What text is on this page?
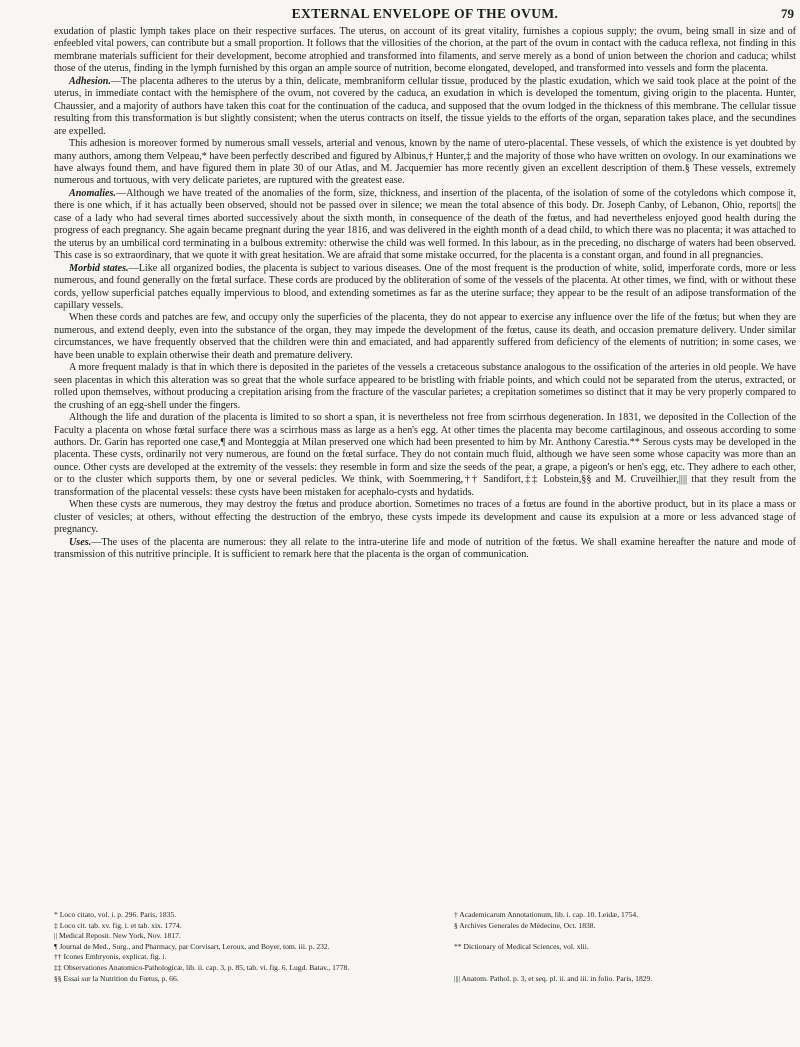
EXTERNAL ENVELOPE OF THE OVUM.	79

exudation of plastic lymph takes place on their respective surfaces. The uterus, on account of its great vitality, furnishes a copious supply; the ovum, being small in size and of enfeebled vital powers, can contribute but a small proportion. It follows that the villosities of the chorion, at the part of the ovum in contact with the caduca reflexa, not finding in this membrane materials sufficient for their development, become atrophied and transformed into filaments, and serve merely as a bond of union between the chorion and caduca; whilst those of the uterus, finding in the lymph furnished by this organ an ample source of nutrition, become elongated, developed, and transformed into vessels and form the placenta.

Adhesion.—The placenta adheres to the uterus by a thin, delicate, membraniform cellular tissue, produced by the plastic exudation, which we said took place at the point of the uterus, in immediate contact with the hemisphere of the ovum, not covered by the caduca, an exudation in which is developed the tomentum, giving origin to the placenta. Hunter, Chaussier, and a majority of authors have taken this coat for the continuation of the caduca, and supposed that the ovum lodged in the thickness of this membrane. The cellular tissue resulting from this transformation is but slightly consistent; when the uterus contracts on itself, the tissue yields to the efforts of the organ, separation takes place, and the secundines are expelled.

This adhesion is moreover formed by numerous small vessels, arterial and venous, known by the name of utero-placental. These vessels, of which the existence is yet doubted by many authors, among them Velpeau,* have been perfectly described and figured by Albinus,† Hunter,‡ and the majority of those who have written on ovology. In our examinations we have always found them, and have figured them in plate 30 of our Atlas, and M. Jacquemier has more recently given an excellent description of them.§ These vessels, extremely numerous and tortuous, with very delicate parietes, are ruptured with the greatest ease.

Anomalies.—Although we have treated of the anomalies of the form, size, thickness, and insertion of the placenta, of the isolation of some of the cotyledons which compose it, there is one which, if it has actually been observed, should not be passed over in silence; we mean the total absence of this body. Dr. Joseph Canby, of Lebanon, Ohio, reports|| the case of a lady who had several times aborted successively about the sixth month, in consequence of the death of the fœtus, and had nevertheless enjoyed good health during the progress of each pregnancy. She again became pregnant during the year 1816, and was delivered in the eighth month of a dead child, to which there was no placenta; it was attached to the uterus by an umbilical cord terminating in a bulbous extremity: otherwise the child was well formed. In this labour, as in the preceding, no discharge of waters had been observed. This case is so extraordinary, that we quote it with great hesitation. We are afraid that some mistake occurred, for the placenta is a constant organ, and found in all pregnancies.

Morbid states.—Like all organized bodies, the placenta is subject to various diseases. One of the most frequent is the production of white, solid, imperforate cords, more or less numerous, and found generally on the fœtal surface. These cords are produced by the obliteration of some of the vessels of the placenta. At other times, we find, with or without these cords, yellow superficial patches equally impervious to blood, and extending sometimes as far as the uterine surface; they appear to be the result of an adipose transformation of the capillary vessels.

When these cords and patches are few, and occupy only the superficies of the placenta, they do not appear to exercise any influence over the life of the fœtus; but when they are numerous, and extend deeply, even into the substance of the organ, they may impede the development of the fœtus, cause its death, and occasion premature delivery. Under similar circumstances, we have frequently observed that the children were thin and emaciated, and had apparently suffered from deficiency of the elements of nutrition; in some cases, we have been unable to explain otherwise their death and premature delivery.

A more frequent malady is that in which there is deposited in the parietes of the vessels a cretaceous substance analogous to the ossification of the arteries in old people. We have seen placentas in which this alteration was so great that the whole surface appeared to be bristling with friable points, and which could not be separated from the uterus, extracted, or rolled upon themselves, without producing a crepitation arising from the fracture of the vascular parietes; a crepitation sometimes so distinct that it may be very properly compared to the crushing of an egg-shell under the fingers.

Although the life and duration of the placenta is limited to so short a span, it is nevertheless not free from scirrhous degeneration. In 1831, we deposited in the Collection of the Faculty a placenta on whose fœtal surface there was a scirrhous mass as large as a hen's egg. At other times the placenta may become cartilaginous, and osseous according to some authors. Dr. Garin has reported one case,¶ and Monteggia at Milan preserved one which had been presented to him by Mr. Anthony Carestia.** Serous cysts may be developed in the placenta. These cysts, ordinarily not very numerous, are found on the fœtal surface. They do not contain much fluid, although we have seen some whose capacity was more than an ounce. Other cysts are developed at the extremity of the vessels: they resemble in form and size the seeds of the pear, a grape, a pigeon's or hen's egg, etc. They adhere to each other, or to the cluster which supports them, by one or several pedicles. We think, with Soemmering,†† Sandifort,‡‡ Lobstein,§§ and M. Cruveilhier,|||| that they result from the transformation of the placental vessels: these cysts have been mistaken for acephalo-cysts and hydatids.

When these cysts are numerous, they may destroy the fœtus and produce abortion. Sometimes no traces of a fœtus are found in the abortive product, but in its place a mass or cluster of vesicles; at others, without effecting the destruction of the embryo, these cysts impede its development and cause its expulsion at a more or less advanced stage of pregnancy.

Uses.—The uses of the placenta are numerous: they all relate to the intra-uterine life and mode of nutrition of the fœtus. We shall examine hereafter the nature and mode of transmission of this nutritive principle. It is sufficient to remark here that the placenta is the organ of communication.

* Loco citato, vol. i. p. 296. Paris, 1835.	† Academicarum Annotationum, lib. i. cap. 10. Leidæ, 1754.
‡ Loco cit. tab. xv. fig. i. et tab. xix. 1774.	§ Archives Generales de Médecine, Oct. 1838.
|| Medical Reposit. New York, Nov. 1817.
¶ Journal de Med., Surg., and Pharmacy, par Corvisart, Leroux, and Boyer, tom. iii. p. 232.	** Dictionary of Medical Sciences, vol. xlii.
†† Icones Embryonis, explicat. fig. i.
‡‡ Observationes Anatomico-Pathologicæ, lib. ii. cap. 3, p. 85, tab. vi. fig. 6. Lugd. Batav., 1778.
§§ Essai sur la Nutrition du Fœtus, p. 66.	|||| Anatom. Pathol. p. 3, et seq. pl. ii. and iii. in folio. Paris, 1829.
